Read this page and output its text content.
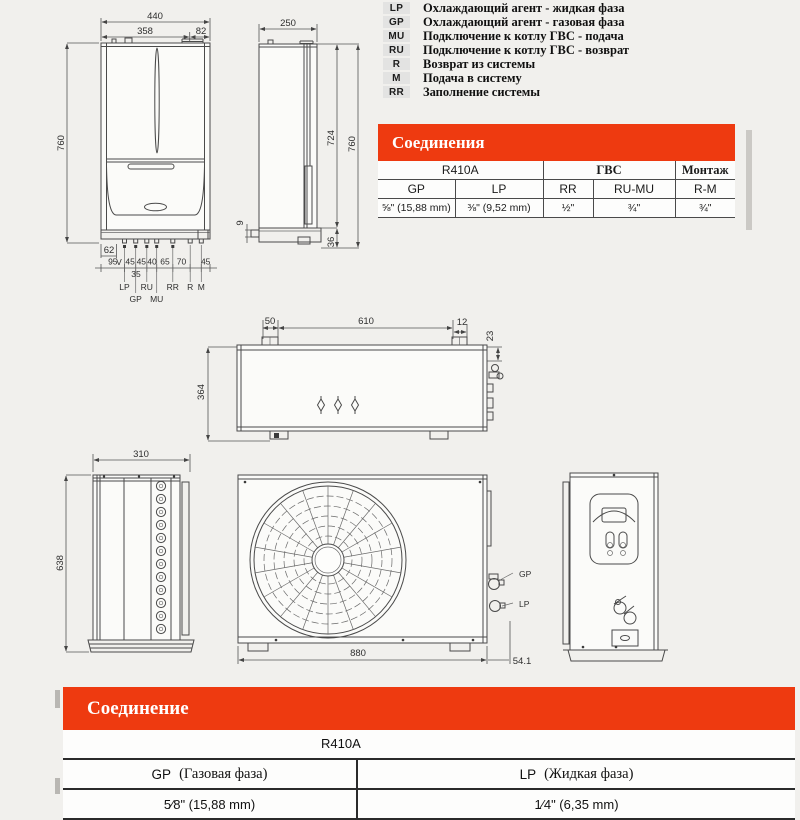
LP	Охлаждающий агент - жидкая фаза
GP	Охлаждающий агент - газовая фаза
MU	Подключение к котлу ГВС - подача
RU	Подключение к котлу ГВС - возврат
R	Возврат из системы
M	Подача в систему
RR	Заполнение системы
Соединения
R410A		ГВС		Монтаж
GP	LP	RR	RU-MU	R-M
⅝" (15,88 mm)	⅜" (9,52 mm)	½"	¾"	¾"
440
358	82
760
62
V
95 45 45 40 65 70 45
35
LP RU RR R M
GP MU
250
9
724 760
36
50	610	12
23
364
310
638
GP
LP
880
54.1
Соединение
R410A
GP (Газовая фаза)	LP (Жидкая фаза)
5⁄8" (15,88 mm)	1⁄4" (6,35 mm)
